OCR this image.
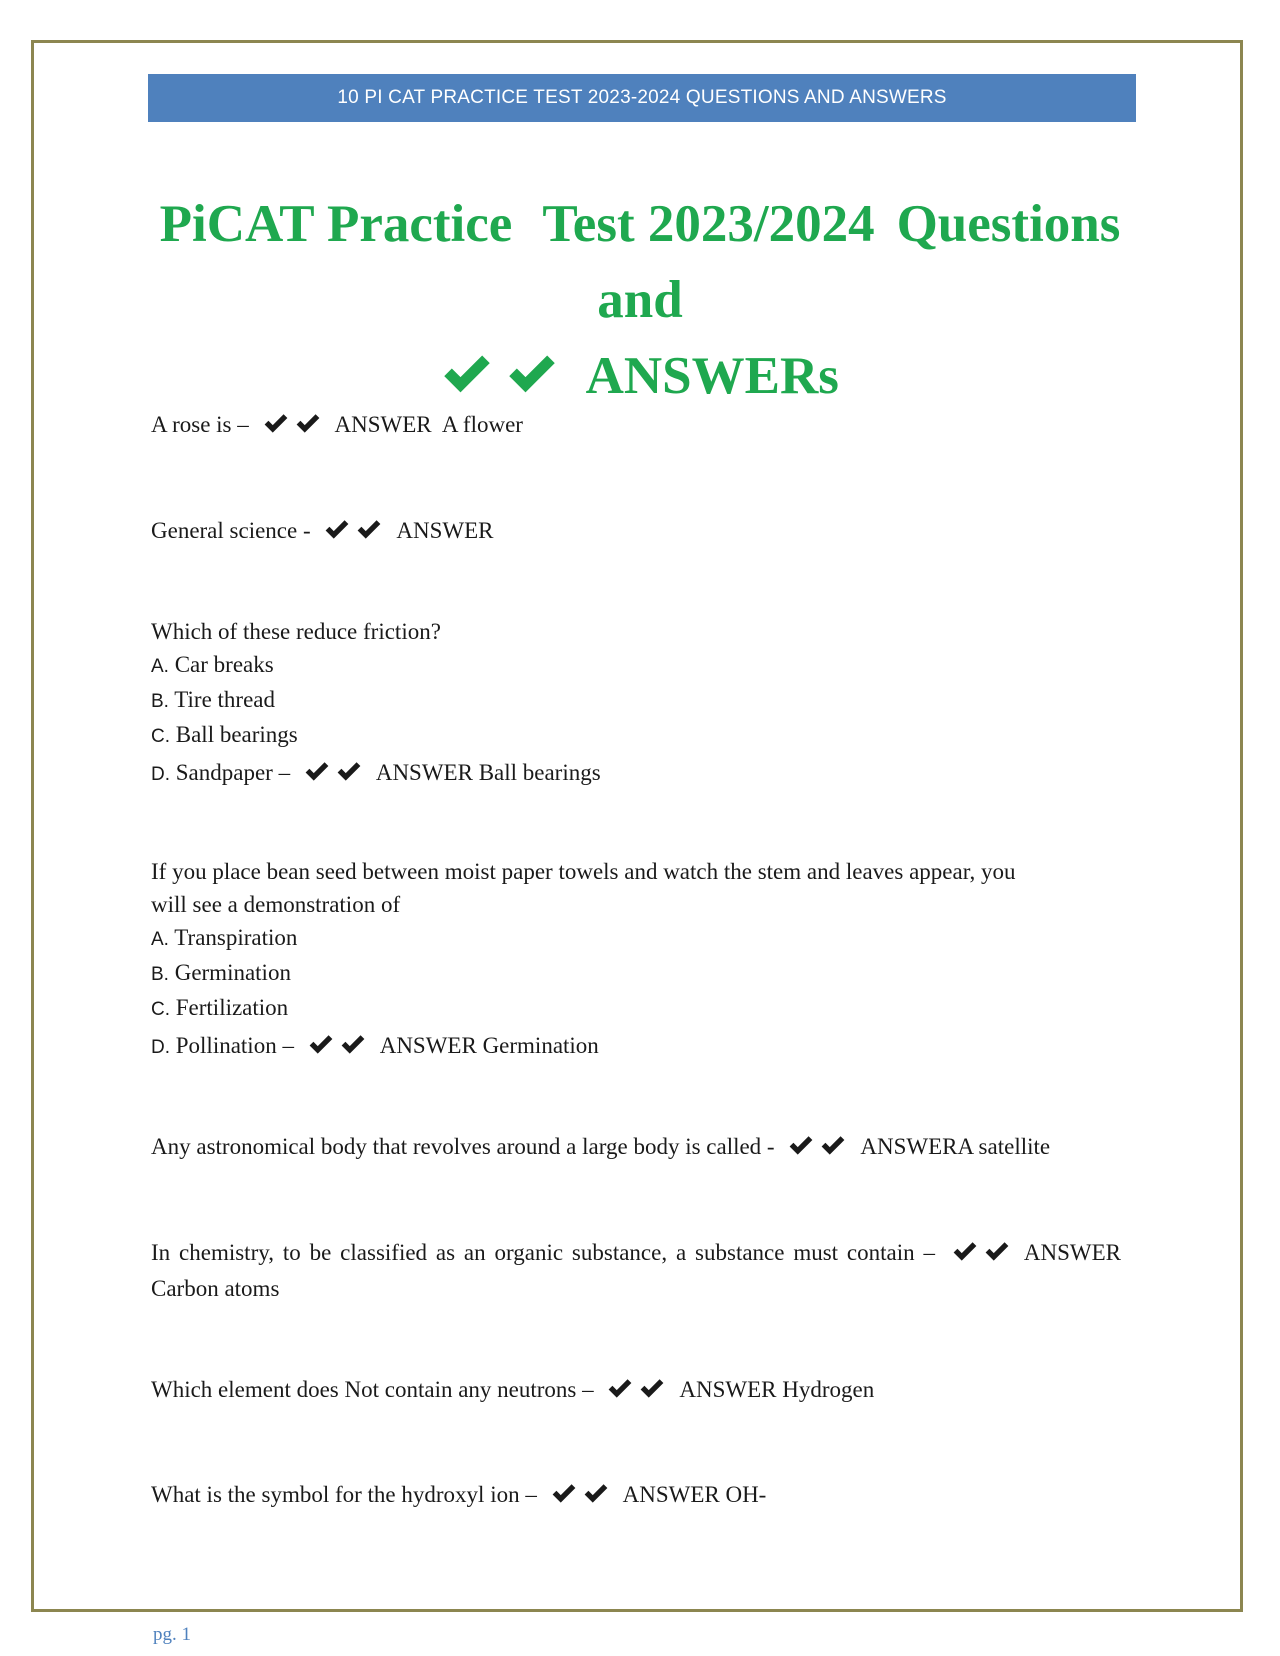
10 PI CAT PRACTICE TEST 2023-2024 QUESTIONS AND ANSWERS
PiCAT Practice Test 2023/2024 Questions and
ANSWERs
A rose is –	ANSWER  A flower
General science -	ANSWER
Which of these reduce friction?
A. Car breaks
B. Tire thread
C. Ball bearings
D. Sandpaper –	ANSWER Ball bearings
If you place bean seed between moist paper towels and watch the stem and leaves appear, you
will see a demonstration of
A. Transpiration
B. Germination
C. Fertilization
D. Pollination –	ANSWER Germination
Any astronomical body that revolves around a large body is called -	ANSWERA satellite
In chemistry, to be classified as an organic substance, a substance must contain –	ANSWER
Carbon atoms
Which element does Not contain any neutrons –	ANSWER Hydrogen
What is the symbol for the hydroxyl ion –	ANSWER OH-
pg. 1
